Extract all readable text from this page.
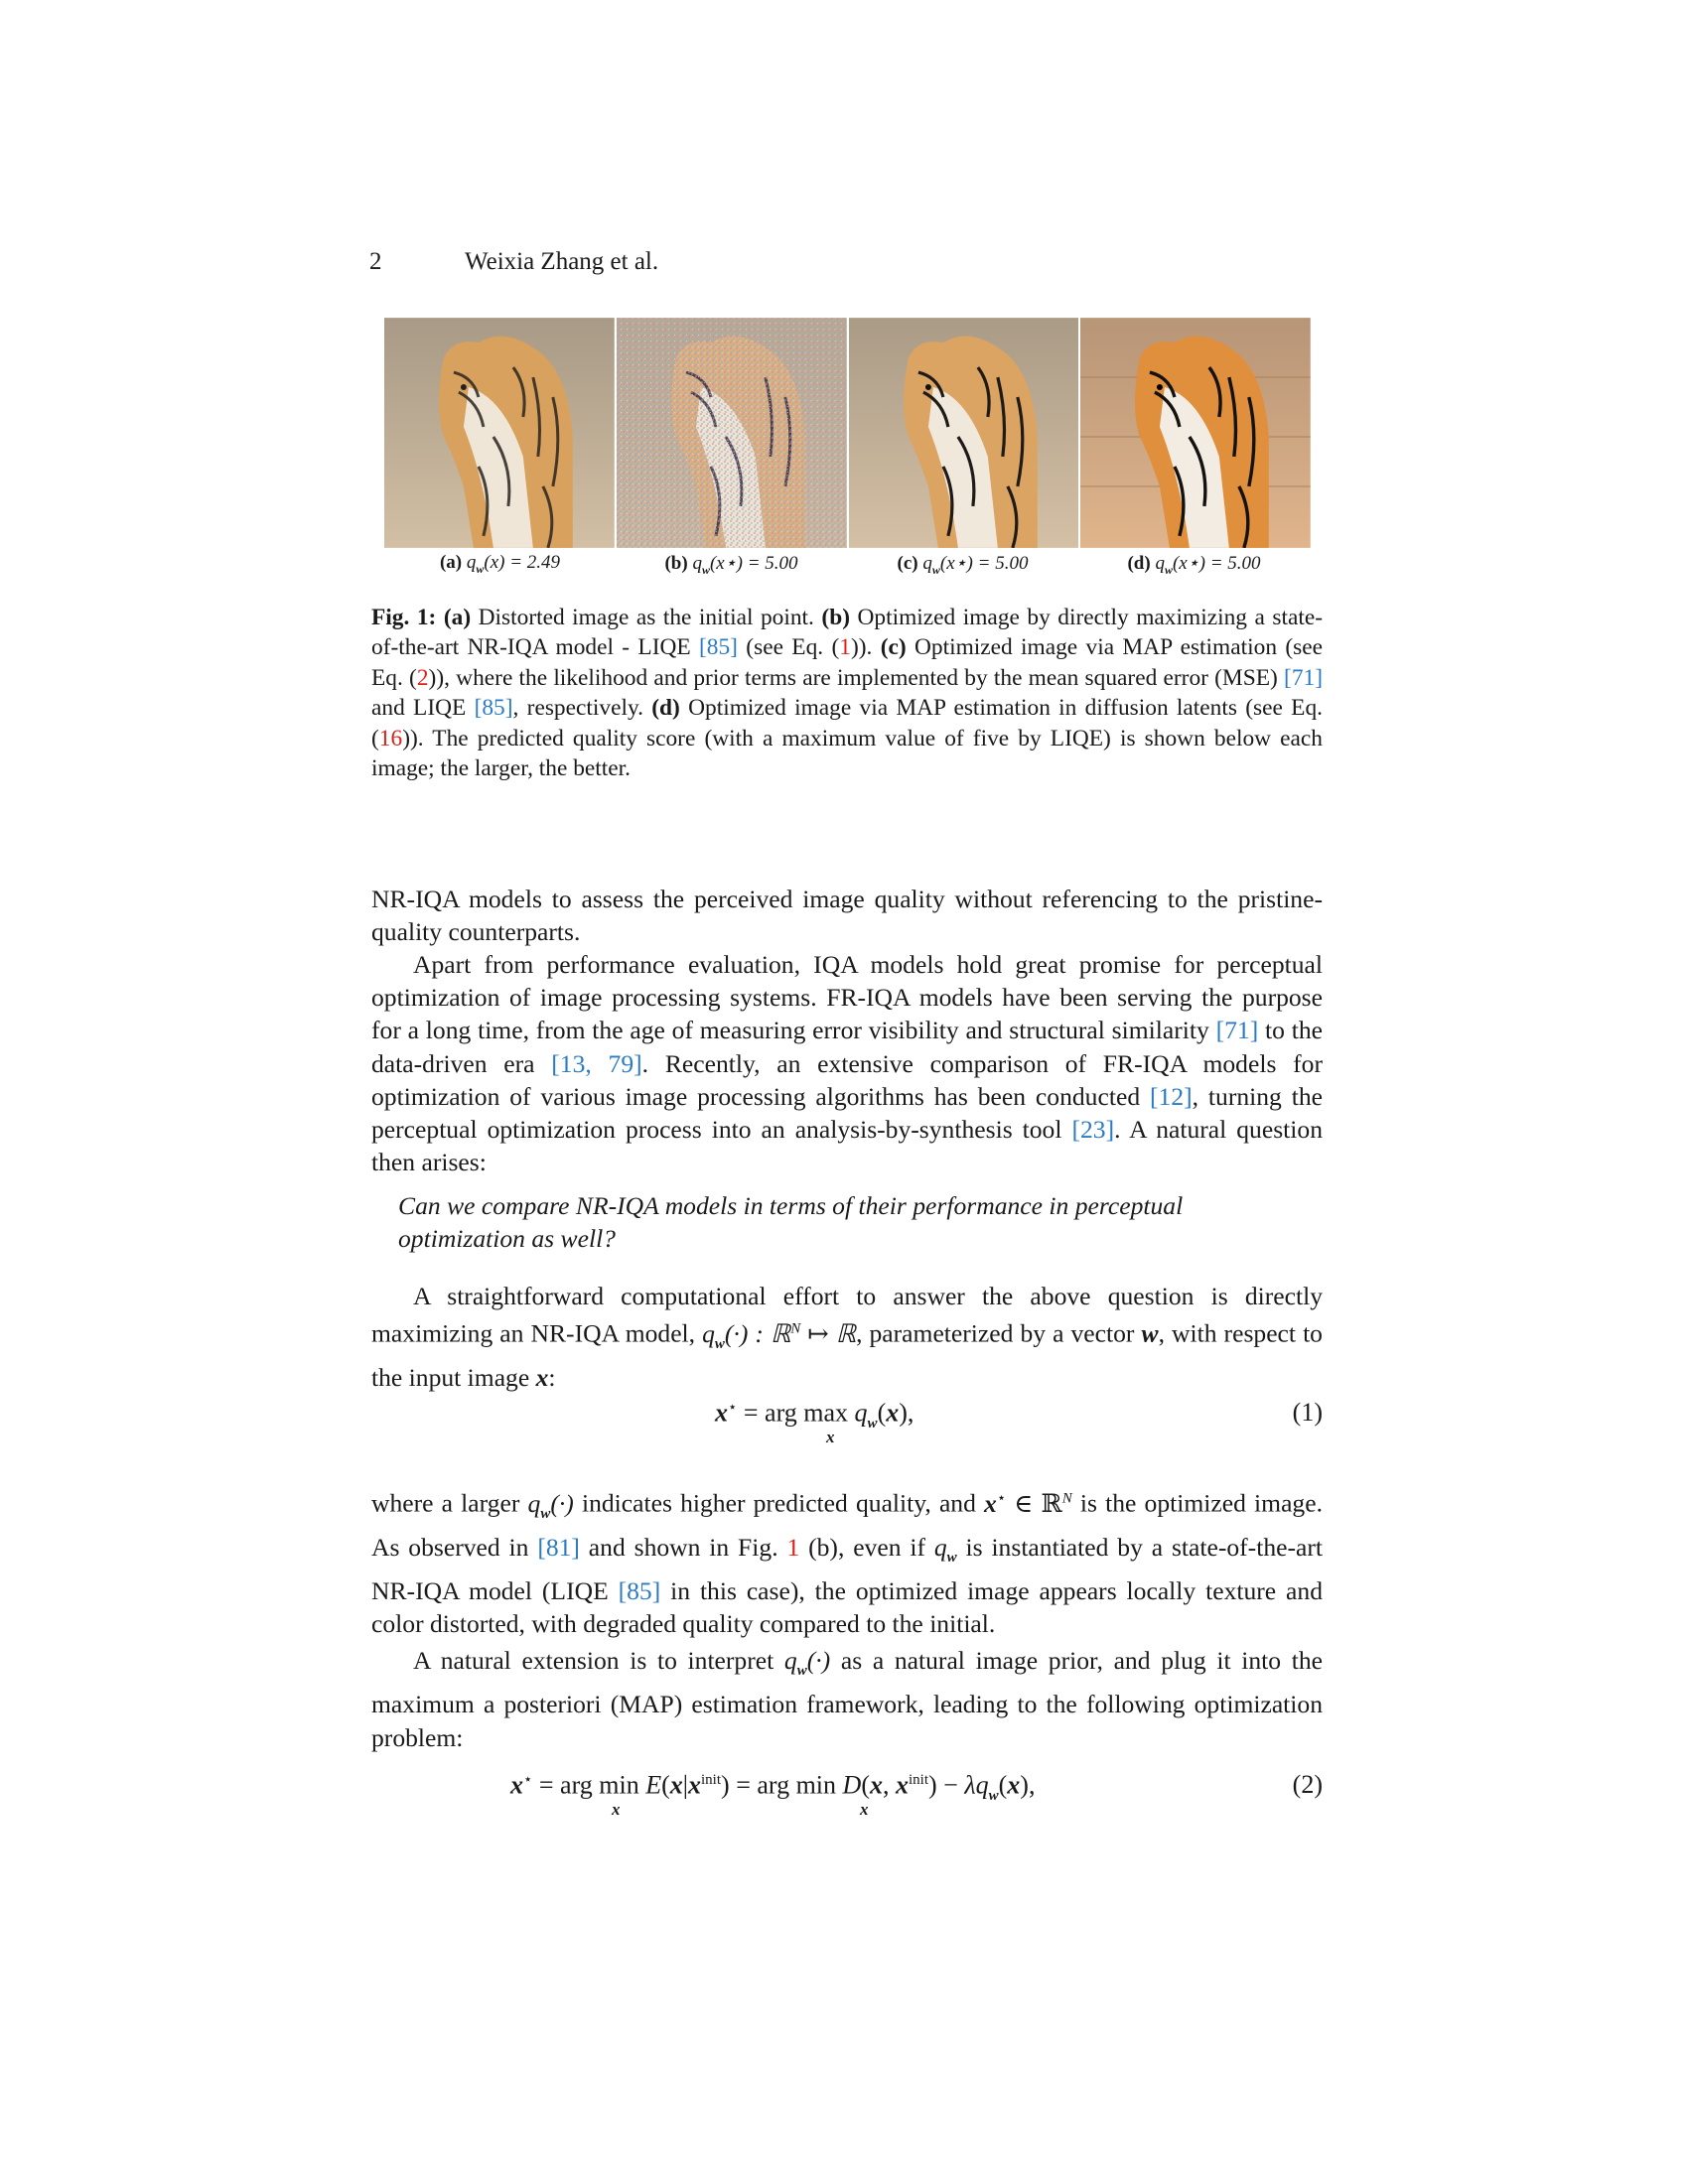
2	Weixia Zhang et al.
(a) $q_w(x) = 2.49$	(b) $q_w(x⋆) = 5.00$	(c) $q_w(x⋆) = 5.00$	(d) $q_w(x⋆) = 5.00$
Fig. 1: (a) Distorted image as the initial point. (b) Optimized image by directly maximizing a state-of-the-art NR-IQA model - LIQE [85] (see Eq. (1)). (c) Optimized image via MAP estimation (see Eq. (2)), where the likelihood and prior terms are implemented by the mean squared error (MSE) [71] and LIQE [85], respectively. (d) Optimized image via MAP estimation in diffusion latents (see Eq. (16)). The predicted quality score (with a maximum value of five by LIQE) is shown below each image; the larger, the better.
NR-IQA models to assess the perceived image quality without referencing to the pristine-quality counterparts.
Apart from performance evaluation, IQA models hold great promise for perceptual optimization of image processing systems. FR-IQA models have been serving the purpose for a long time, from the age of measuring error visibility and structural similarity [71] to the data-driven era [13, 79]. Recently, an extensive comparison of FR-IQA models for optimization of various image processing algorithms has been conducted [12], turning the perceptual optimization process into an analysis-by-synthesis tool [23]. A natural question then arises:
Can we compare NR-IQA models in terms of their performance in perceptual optimization as well?
A straightforward computational effort to answer the above question is directly maximizing an NR-IQA model, $q_w(\cdot)$ : ℝ$^N$ ↦ ℝ, parameterized by a vector w, with respect to the input image x:
x⋆ = arg $\max q_w(x)$,
x
(1)
where a larger $q_w(\cdot)$ indicates higher predicted quality, and x⋆ ∈ ℝ$^N$ is the optimized image. As observed in [81] and shown in Fig. 1 (b), even if $q_w$ is instantiated by a state-of-the-art NR-IQA model (LIQE [85] in this case), the optimized image appears locally texture and color distorted, with degraded quality compared to the initial.
A natural extension is to interpret $q_w(\cdot)$ as a natural image prior, and plug it into the maximum a posteriori (MAP) estimation framework, leading to the following optimization problem:
x⋆ = arg $\min E(x|x^{init})$ = arg min D(x, $x^{init}) - \lambda q_w(x)$,
x	x
(2)
